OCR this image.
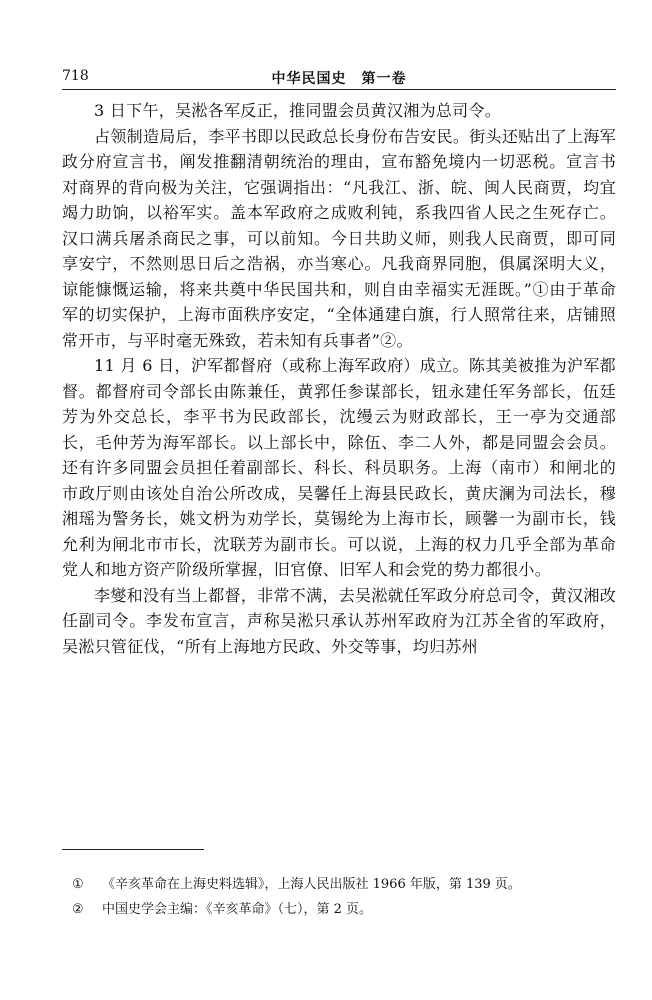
718	中华民国史　第一卷

3 日下午，吴淞各军反正，推同盟会员黄汉湘为总司令。

占领制造局后，李平书即以民政总长身份布告安民。街头还贴出了上海军政分府宣言书，阐发推翻清朝统治的理由，宣布豁免境内一切恶税。宣言书对商界的背向极为关注，它强调指出：“凡我江、浙、皖、闽人民商贾，均宜竭力助饷，以裕军实。盖本军政府之成败利钝，系我四省人民之生死存亡。汉口满兵屠杀商民之事，可以前知。今日共助义师，则我人民商贾，即可同享安宁，不然则思日后之浩祸，亦当寒心。凡我商界同胞，俱属深明大义，谅能慷慨运输，将来共奠中华民国共和，则自由幸福实无涯既。”①由于革命军的切实保护，上海市面秩序安定，“全体通建白旗，行人照常往来，店铺照常开市，与平时毫无殊致，若未知有兵事者”②。

11 月 6 日，沪军都督府（或称上海军政府）成立。陈其美被推为沪军都督。都督府司令部长由陈兼任，黄郛任参谋部长，钮永建任军务部长，伍廷芳为外交总长，李平书为民政部长，沈缦云为财政部长，王一亭为交通部长，毛仲芳为海军部长。以上部长中，除伍、李二人外，都是同盟会会员。还有许多同盟会员担任着副部长、科长、科员职务。上海（南市）和闸北的市政厅则由该处自治公所改成，吴馨任上海县民政长，黄庆澜为司法长，穆湘瑶为警务长，姚文枬为劝学长，莫锡纶为上海市长，顾馨一为副市长，钱允利为闸北市市长，沈联芳为副市长。可以说，上海的权力几乎全部为革命党人和地方资产阶级所掌握，旧官僚、旧军人和会党的势力都很小。

李燮和没有当上都督，非常不满，去吴淞就任军政分府总司令，黄汉湘改任副司令。李发布宣言，声称吴淞只承认苏州军政府为江苏全省的军政府，吴淞只管征伐，“所有上海地方民政、外交等事，均归苏州

①	《辛亥革命在上海史料选辑》，上海人民出版社 1966 年版，第 139 页。
②	中国史学会主编：《辛亥革命》（七），第 2 页。
